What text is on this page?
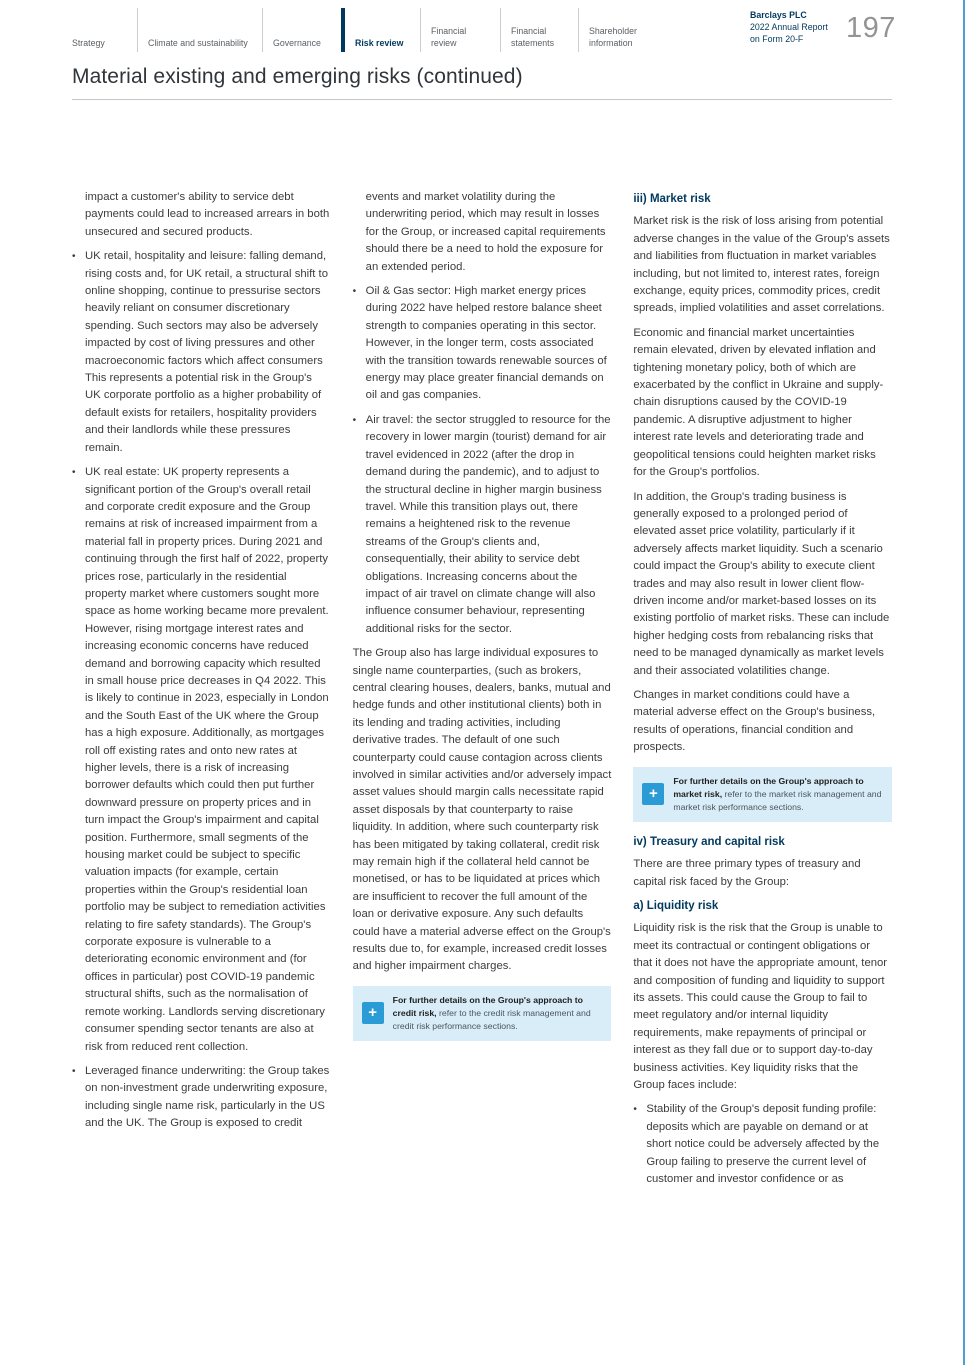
Strategy	Climate and sustainability	Governance	Risk review
Financial review
Financial statements
Shareholder information
Barclays PLC
2022 Annual Report
on Form 20-F	197
Material existing and emerging risks (continued)

impact a customer's ability to service debt payments could lead to increased arrears in both unsecured and secured products.

• UK retail, hospitality and leisure: falling demand, rising costs and, for UK retail, a structural shift to online shopping, continue to pressurise sectors heavily reliant on consumer discretionary spending. Such sectors may also be adversely impacted by cost of living pressures and other macroeconomic factors which affect consumers This represents a potential risk in the Group's UK corporate portfolio as a higher probability of default exists for retailers, hospitality providers and their landlords while these pressures remain.

• UK real estate: UK property represents a significant portion of the Group's overall retail and corporate credit exposure and the Group remains at risk of increased impairment from a material fall in property prices. During 2021 and continuing through the first half of 2022, property prices rose, particularly in the residential property market where customers sought more space as home working became more prevalent. However, rising mortgage interest rates and increasing economic concerns have reduced demand and borrowing capacity which resulted in small house price decreases in Q4 2022. This is likely to continue in 2023, especially in London and the South East of the UK where the Group has a high exposure. Additionally, as mortgages roll off existing rates and onto new rates at higher levels, there is a risk of increasing borrower defaults which could then put further downward pressure on property prices and in turn impact the Group's impairment and capital position. Furthermore, small segments of the housing market could be subject to specific valuation impacts (for example, certain properties within the Group's residential loan portfolio may be subject to remediation activities relating to fire safety standards). The Group's corporate exposure is vulnerable to a deteriorating economic environment and (for offices in particular) post COVID-19 pandemic structural shifts, such as the normalisation of remote working. Landlords serving discretionary consumer spending sector tenants are also at risk from reduced rent collection.

• Leveraged finance underwriting: the Group takes on non-investment grade underwriting exposure, including single name risk, particularly in the US and the UK. The Group is exposed to credit

events and market volatility during the underwriting period, which may result in losses for the Group, or increased capital requirements should there be a need to hold the exposure for an extended period.

• Oil & Gas sector: High market energy prices during 2022 have helped restore balance sheet strength to companies operating in this sector. However, in the longer term, costs associated with the transition towards renewable sources of energy may place greater financial demands on oil and gas companies.

• Air travel: the sector struggled to resource for the recovery in lower margin (tourist) demand for air travel evidenced in 2022 (after the drop in demand during the pandemic), and to adjust to the structural decline in higher margin business travel. While this transition plays out, there remains a heightened risk to the revenue streams of the Group's clients and, consequentially, their ability to service debt obligations. Increasing concerns about the impact of air travel on climate change will also influence consumer behaviour, representing additional risks for the sector.

The Group also has large individual exposures to single name counterparties, (such as brokers, central clearing houses, dealers, banks, mutual and hedge funds and other institutional clients) both in its lending and trading activities, including derivative trades. The default of one such counterparty could cause contagion across clients involved in similar activities and/or adversely impact asset values should margin calls necessitate rapid asset disposals by that counterparty to raise liquidity. In addition, where such counterparty risk has been mitigated by taking collateral, credit risk may remain high if the collateral held cannot be monetised, or has to be liquidated at prices which are insufficient to recover the full amount of the loan or derivative exposure. Any such defaults could have a material adverse effect on the Group's results due to, for example, increased credit losses and higher impairment charges.

+

For further details on the Group's approach to credit risk, refer to the credit risk management and credit risk performance sections.

iii) Market risk

Market risk is the risk of loss arising from potential adverse changes in the value of the Group's assets and liabilities from fluctuation in market variables including, but not limited to, interest rates, foreign exchange, equity prices, commodity prices, credit spreads, implied volatilities and asset correlations.

Economic and financial market uncertainties remain elevated, driven by elevated inflation and tightening monetary policy, both of which are exacerbated by the conflict in Ukraine and supply-chain disruptions caused by the COVID-19 pandemic. A disruptive adjustment to higher interest rate levels and deteriorating trade and geopolitical tensions could heighten market risks for the Group's portfolios.

In addition, the Group's trading business is generally exposed to a prolonged period of elevated asset price volatility, particularly if it adversely affects market liquidity. Such a scenario could impact the Group's ability to execute client trades and may also result in lower client flow-driven income and/or market-based losses on its existing portfolio of market risks. These can include higher hedging costs from rebalancing risks that need to be managed dynamically as market levels and their associated volatilities change.

Changes in market conditions could have a material adverse effect on the Group's business, results of operations, financial condition and prospects.

+

For further details on the Group's approach to market risk, refer to the market risk management and market risk performance sections.

iv) Treasury and capital risk

There are three primary types of treasury and capital risk faced by the Group:

a) Liquidity risk

Liquidity risk is the risk that the Group is unable to meet its contractual or contingent obligations or that it does not have the appropriate amount, tenor and composition of funding and liquidity to support its assets. This could cause the Group to fail to meet regulatory and/or internal liquidity requirements, make repayments of principal or interest as they fall due or to support day-to-day business activities. Key liquidity risks that the Group faces include:

• Stability of the Group's deposit funding profile: deposits which are payable on demand or at short notice could be adversely affected by the Group failing to preserve the current level of customer and investor confidence or as
